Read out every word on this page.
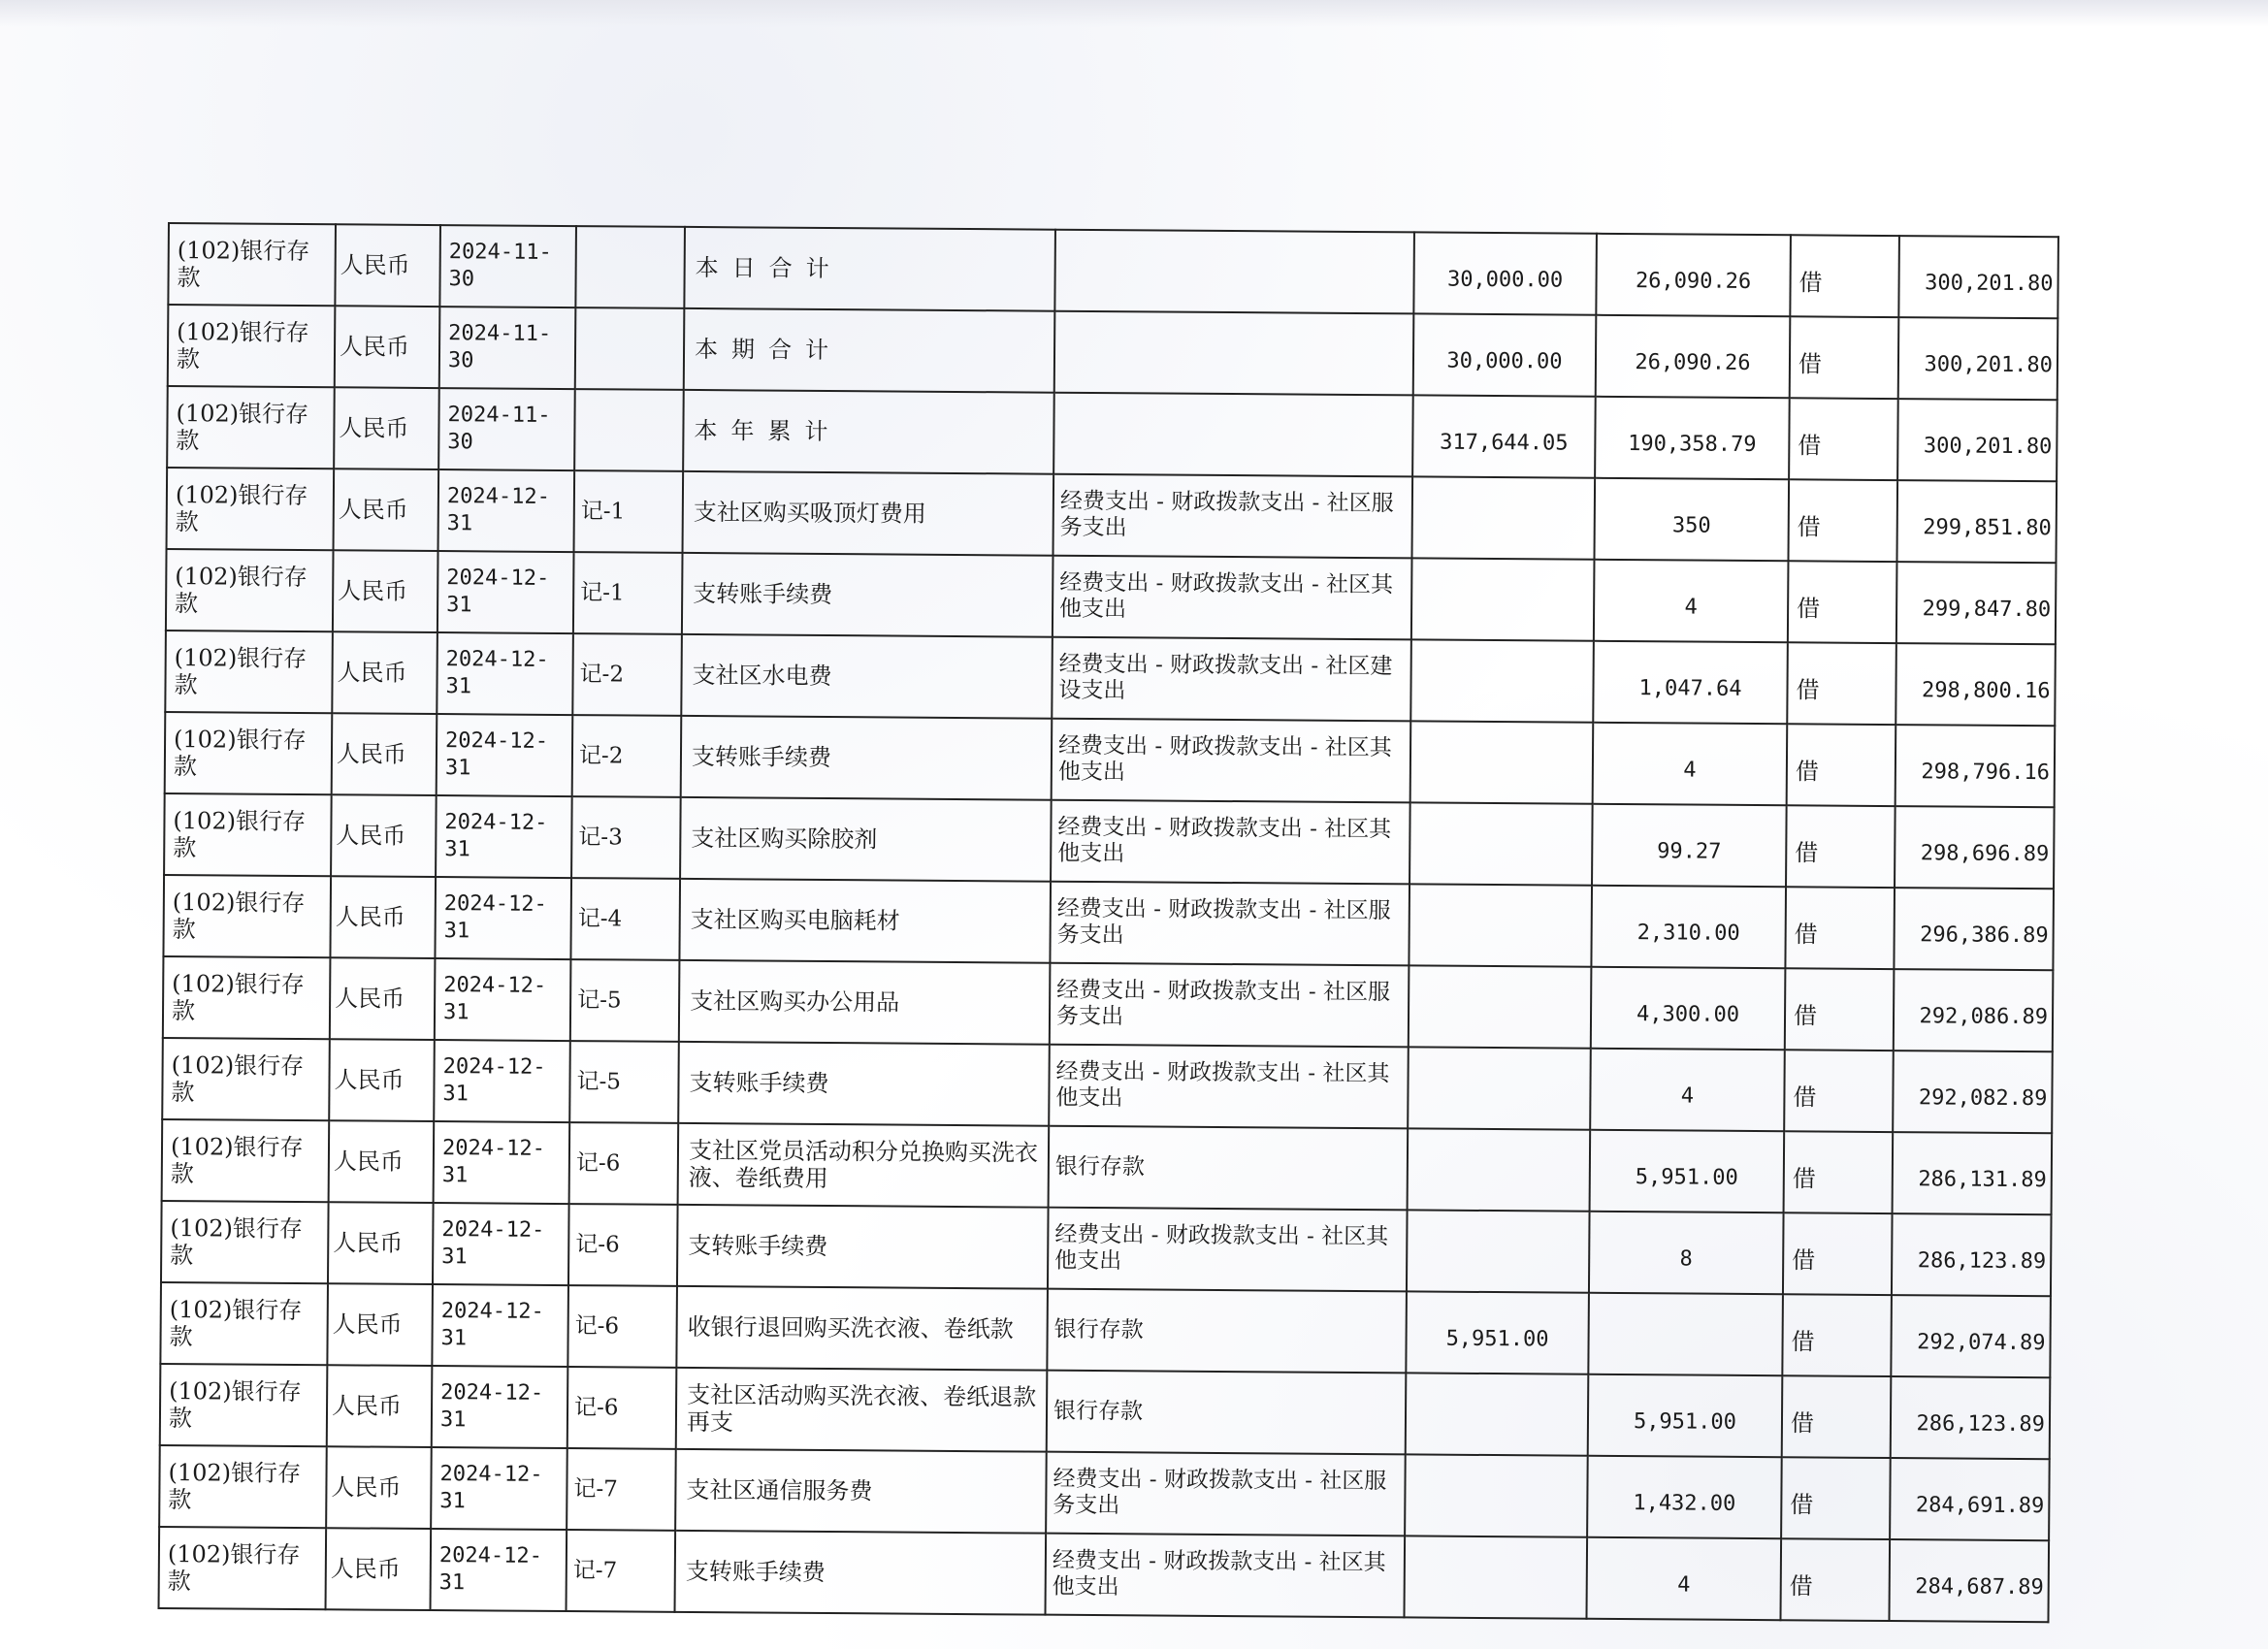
(102)银行存款	人民币	2024-11-30		本日合计		30,000.00	26,090.26	借	300,201.80
(102)银行存款	人民币	2024-11-30		本期合计		30,000.00	26,090.26	借	300,201.80
(102)银行存款	人民币	2024-11-30		本年累计		317,644.05	190,358.79	借	300,201.80
(102)银行存款	人民币	2024-12-31	记-1	支社区购买吸顶灯费用	经费支出 - 财政拨款支出 - 社区服务支出		350	借	299,851.80
(102)银行存款	人民币	2024-12-31	记-1	支转账手续费	经费支出 - 财政拨款支出 - 社区其他支出		4	借	299,847.80
(102)银行存款	人民币	2024-12-31	记-2	支社区水电费	经费支出 - 财政拨款支出 - 社区建设支出		1,047.64	借	298,800.16
(102)银行存款	人民币	2024-12-31	记-2	支转账手续费	经费支出 - 财政拨款支出 - 社区其他支出		4	借	298,796.16
(102)银行存款	人民币	2024-12-31	记-3	支社区购买除胶剂	经费支出 - 财政拨款支出 - 社区其他支出		99.27	借	298,696.89
(102)银行存款	人民币	2024-12-31	记-4	支社区购买电脑耗材	经费支出 - 财政拨款支出 - 社区服务支出		2,310.00	借	296,386.89
(102)银行存款	人民币	2024-12-31	记-5	支社区购买办公用品	经费支出 - 财政拨款支出 - 社区服务支出		4,300.00	借	292,086.89
(102)银行存款	人民币	2024-12-31	记-5	支转账手续费	经费支出 - 财政拨款支出 - 社区其他支出		4	借	292,082.89
(102)银行存款	人民币	2024-12-31	记-6	支社区党员活动积分兑换购买洗衣液、卷纸费用	银行存款		5,951.00	借	286,131.89
(102)银行存款	人民币	2024-12-31	记-6	支转账手续费	经费支出 - 财政拨款支出 - 社区其他支出		8	借	286,123.89
(102)银行存款	人民币	2024-12-31	记-6	收银行退回购买洗衣液、卷纸款	银行存款	5,951.00		借	292,074.89
(102)银行存款	人民币	2024-12-31	记-6	支社区活动购买洗衣液、卷纸退款再支	银行存款		5,951.00	借	286,123.89
(102)银行存款	人民币	2024-12-31	记-7	支社区通信服务费	经费支出 - 财政拨款支出 - 社区服务支出		1,432.00	借	284,691.89
(102)银行存款	人民币	2024-12-31	记-7	支转账手续费	经费支出 - 财政拨款支出 - 社区其他支出		4	借	284,687.89
